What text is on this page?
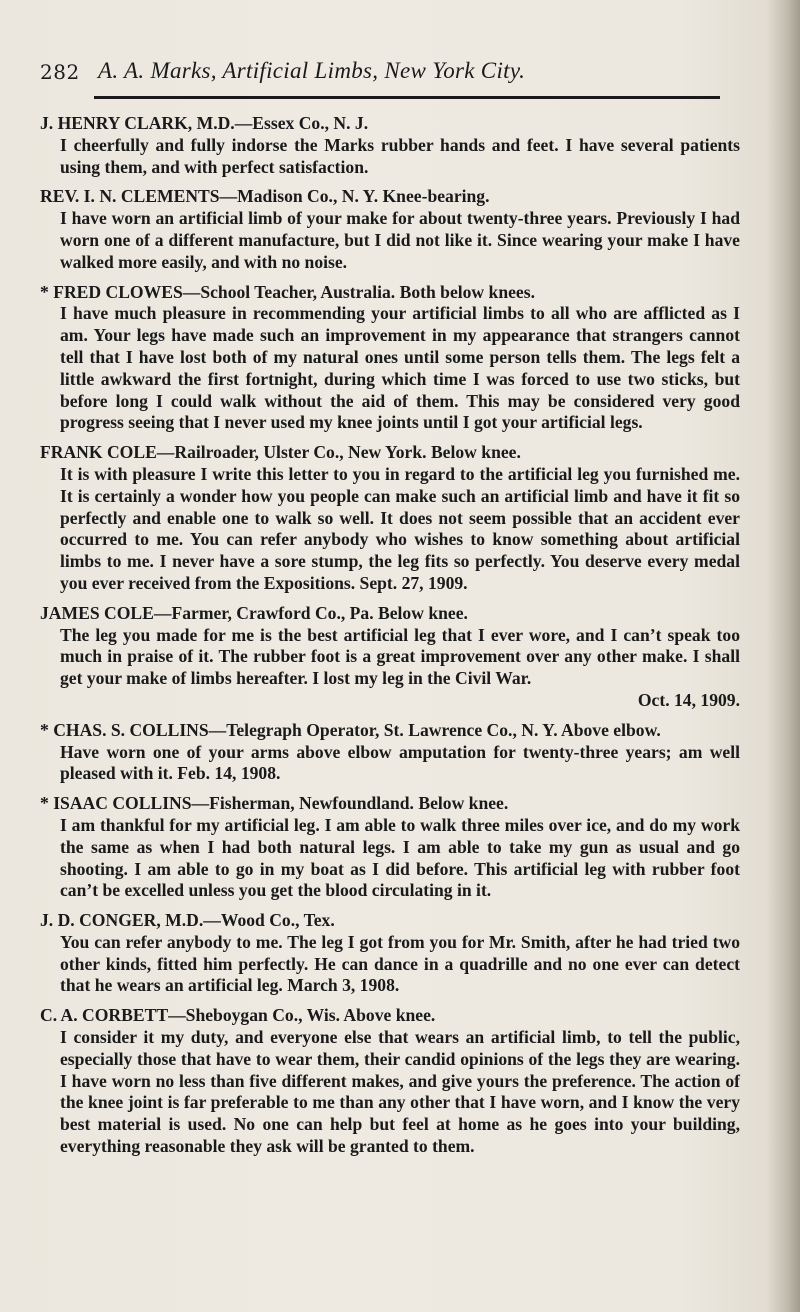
282 A. A. Marks, Artificial Limbs, New York City.

J. HENRY CLARK, M.D.—Essex Co., N. J.

I cheerfully and fully indorse the Marks rubber hands and feet. I have several patients using them, and with perfect satisfaction.

REV. I. N. CLEMENTS—Madison Co., N. Y. Knee-bearing.

I have worn an artificial limb of your make for about twenty-three years. Previously I had worn one of a different manufacture, but I did not like it. Since wearing your make I have walked more easily, and with no noise.

* FRED CLOWES—School Teacher, Australia. Both below knees.

I have much pleasure in recommending your artificial limbs to all who are afflicted as I am. Your legs have made such an improvement in my appearance that strangers cannot tell that I have lost both of my natural ones until some person tells them. The legs felt a little awkward the first fortnight, during which time I was forced to use two sticks, but before long I could walk without the aid of them. This may be considered very good progress seeing that I never used my knee joints until I got your artificial legs.

FRANK COLE—Railroader, Ulster Co., New York. Below knee.

It is with pleasure I write this letter to you in regard to the artificial leg you furnished me. It is certainly a wonder how you people can make such an artificial limb and have it fit so perfectly and enable one to walk so well. It does not seem possible that an accident ever occurred to me. You can refer anybody who wishes to know something about artificial limbs to me. I never have a sore stump, the leg fits so perfectly. You deserve every medal you ever received from the Expositions. Sept. 27, 1909.

JAMES COLE—Farmer, Crawford Co., Pa. Below knee.

The leg you made for me is the best artificial leg that I ever wore, and I can’t speak too much in praise of it. The rubber foot is a great improvement over any other make. I shall get your make of limbs hereafter. I lost my leg in the Civil War.

Oct. 14, 1909.

* CHAS. S. COLLINS—Telegraph Operator, St. Lawrence Co., N. Y. Above elbow.

Have worn one of your arms above elbow amputation for twenty-three years; am well pleased with it. Feb. 14, 1908.

* ISAAC COLLINS—Fisherman, Newfoundland. Below knee.

I am thankful for my artificial leg. I am able to walk three miles over ice, and do my work the same as when I had both natural legs. I am able to take my gun as usual and go shooting. I am able to go in my boat as I did before. This artificial leg with rubber foot can’t be excelled unless you get the blood circulating in it.

J. D. CONGER, M.D.—Wood Co., Tex.

You can refer anybody to me. The leg I got from you for Mr. Smith, after he had tried two other kinds, fitted him perfectly. He can dance in a quadrille and no one ever can detect that he wears an artificial leg. March 3, 1908.

C. A. CORBETT—Sheboygan Co., Wis. Above knee.

I consider it my duty, and everyone else that wears an artificial limb, to tell the public, especially those that have to wear them, their candid opinions of the legs they are wearing. I have worn no less than five different makes, and give yours the preference. The action of the knee joint is far preferable to me than any other that I have worn, and I know the very best material is used. No one can help but feel at home as he goes into your building, everything reasonable they ask will be granted to them.
